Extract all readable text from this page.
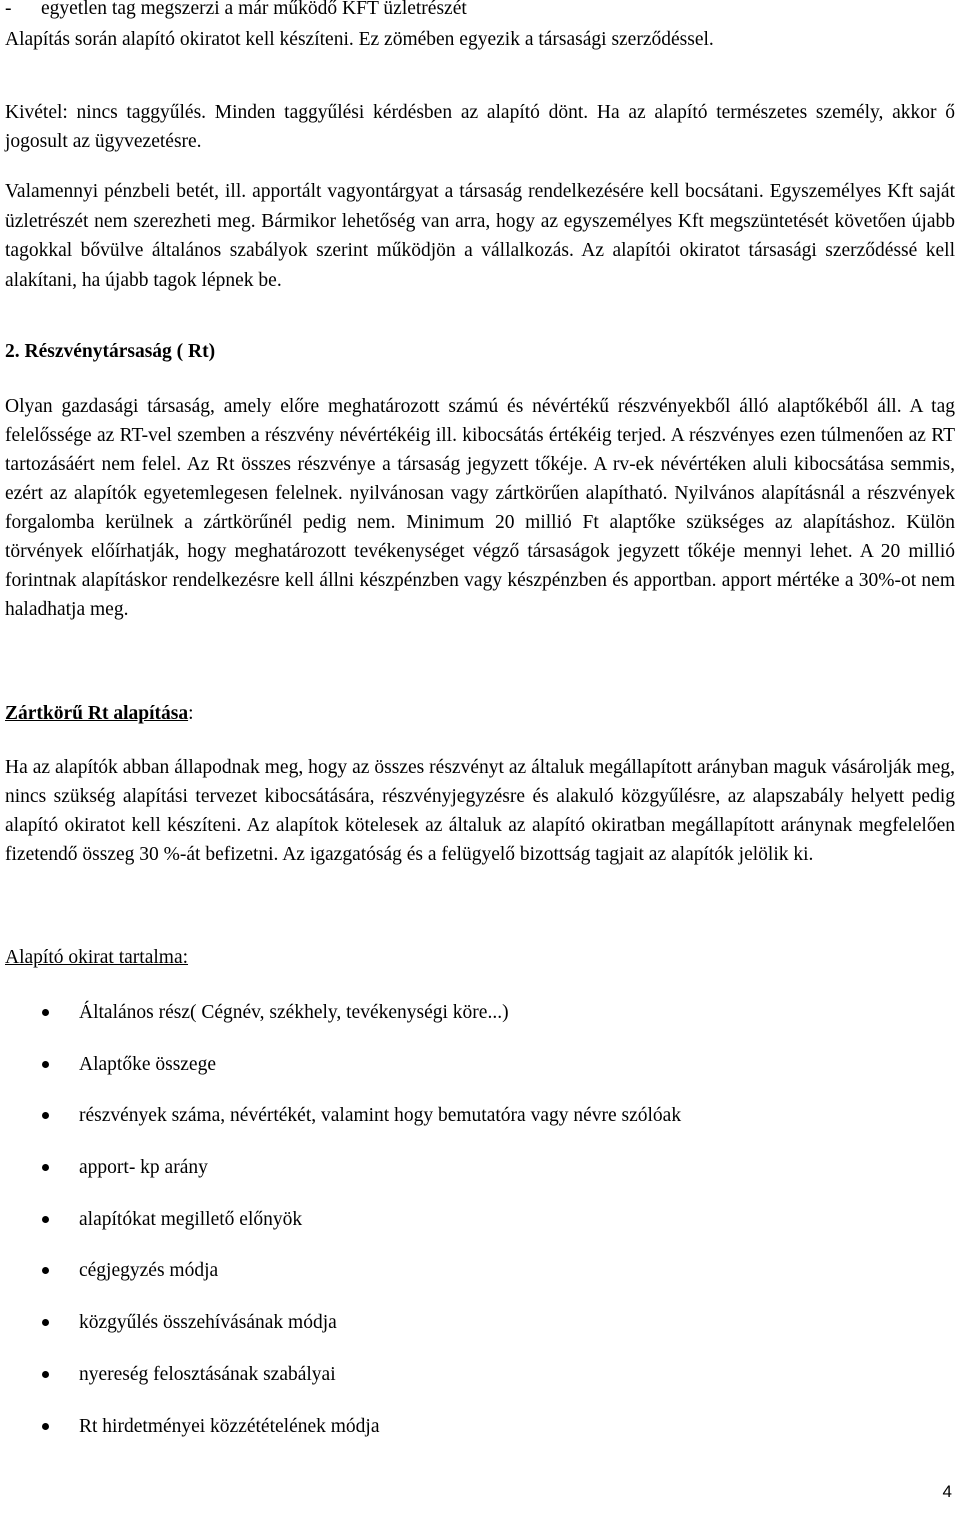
- egyetlen tag megszerzi a már működő KFT üzletrészét

Alapítás során alapító okiratot kell készíteni. Ez zömében egyezik a társasági szerződéssel.

Kivétel: nincs taggyűlés. Minden taggyűlési kérdésben az alapító dönt. Ha az alapító természetes személy, akkor ő jogosult az ügyvezetésre.

Valamennyi pénzbeli betét, ill. apportált vagyontárgyat a társaság rendelkezésére kell bocsátani. Egyszemélyes Kft saját üzletrészét nem szerezheti meg. Bármikor lehetőség van arra, hogy az egyszemélyes Kft megszüntetését követően újabb tagokkal bővülve általános szabályok szerint működjön a vállalkozás. Az alapítói okiratot társasági szerződéssé kell alakítani, ha újabb tagok lépnek be.

2. Részvénytársaság ( Rt)

Olyan gazdasági társaság, amely előre meghatározott számú és névértékű részvényekből álló alaptőkéből áll. A tag felelőssége az RT-vel szemben a részvény névértékéig ill. kibocsátás értékéig terjed. A részvényes ezen túlmenően az RT tartozásáért nem felel. Az Rt összes részvénye a társaság jegyzett tőkéje. A rv-ek névértéken aluli kibocsátása semmis, ezért az alapítók egyetemlegesen felelnek. nyilvánosan vagy zártkörűen alapítható. Nyilvános alapításnál a részvények forgalomba kerülnek a zártkörűnél pedig nem. Minimum 20 millió Ft alaptőke szükséges az alapításhoz. Külön törvények előírhatják, hogy meghatározott tevékenységet végző társaságok jegyzett tőkéje mennyi lehet. A 20 millió forintnak alapításkor rendelkezésre kell állni készpénzben vagy készpénzben és apportban. apport mértéke a 30%-ot nem haladhatja meg.

Zártkörű Rt alapítása:

Ha az alapítók abban állapodnak meg, hogy az összes részvényt az általuk megállapított arányban maguk vásárolják meg, nincs szükség alapítási tervezet kibocsátására, részvényjegyzésre és alakuló közgyűlésre, az alapszabály helyett pedig alapító okiratot kell készíteni. Az alapítok kötelesek az általuk az alapító okiratban megállapított aránynak megfelelően fizetendő összeg 30 %-át befizetni. Az igazgatóság és a felügyelő bizottság tagjait az alapítók jelölik ki.

Alapító okirat tartalma:
Általános rész( Cégnév, székhely, tevékenységi köre...)
Alaptőke összege
részvények száma, névértékét, valamint hogy bemutatóra vagy névre szólóak
apport- kp arány
alapítókat megillető előnyök
cégjegyzés módja
közgyűlés összehívásának módja
nyereség felosztásának szabályai
Rt hirdetményei közzétételének módja
4
